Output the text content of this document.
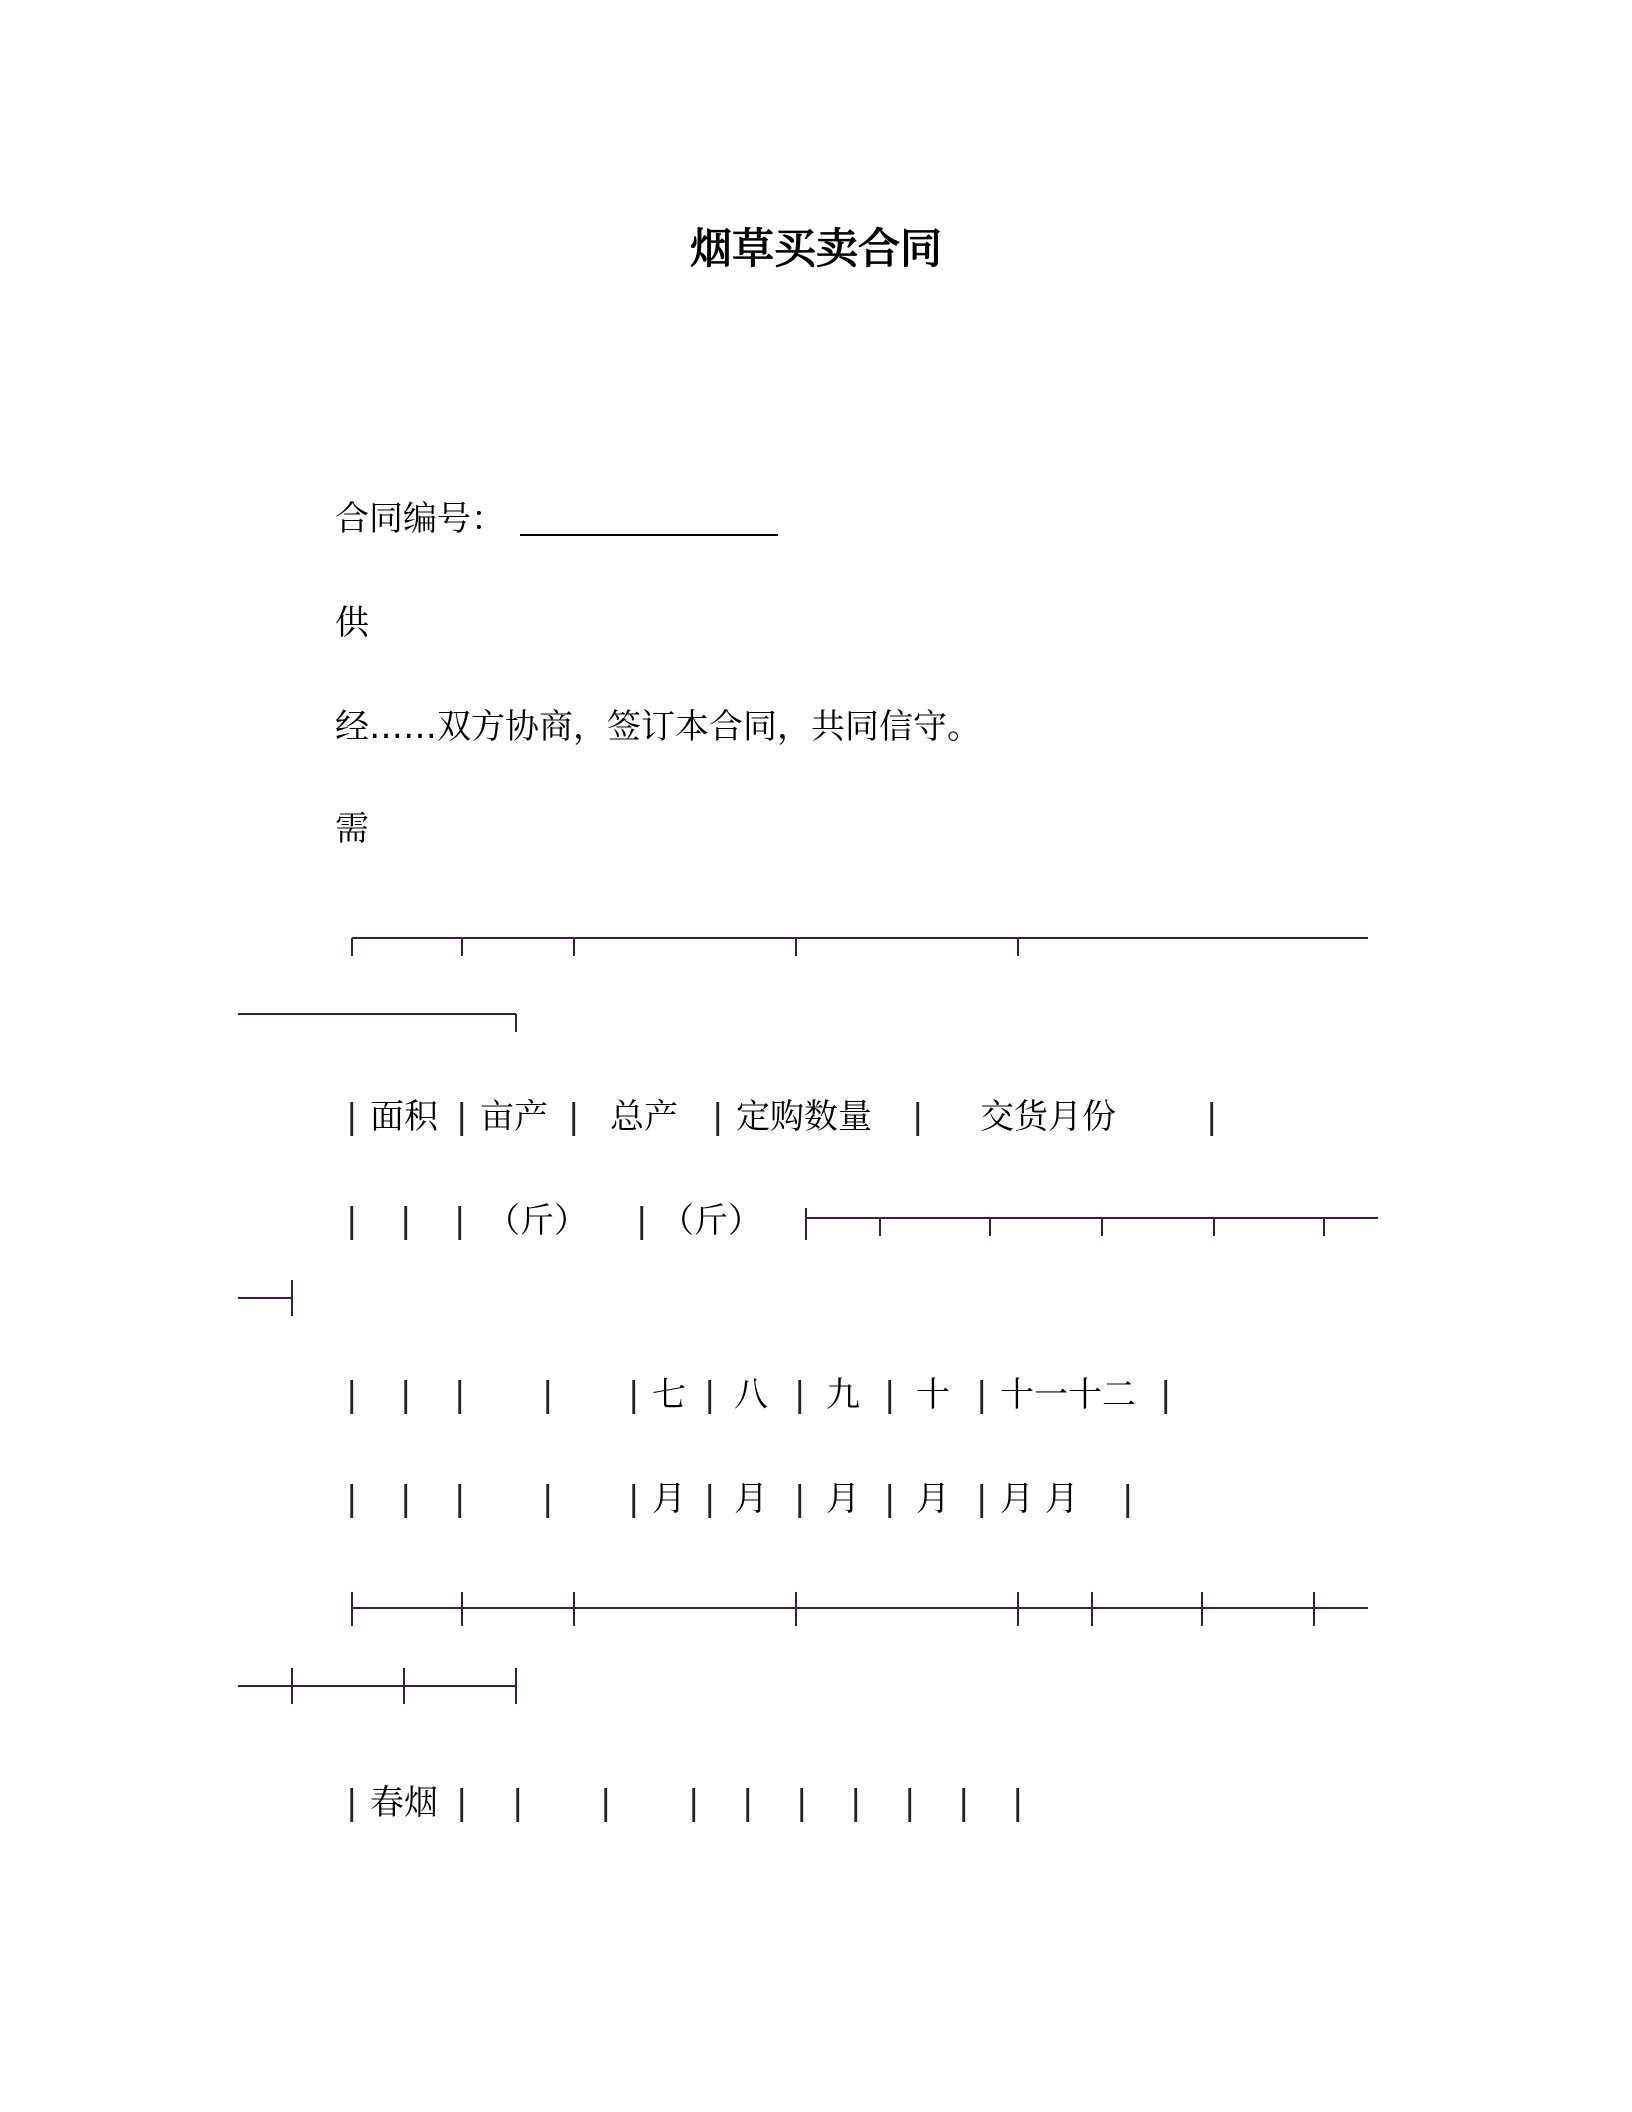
烟草买卖合同
合同编号：
供
经……双方协商，签订本合同，共同信守。
需
| 面积 | 亩产 | 总产 | 定购数量 | 交货月份	|
| | | （斤） | （斤）
| | | | | 七 | 八 | 九 | 十 | 十一十二 |
| | | | | 月 | 月 | 月 | 月 | 月 月 |
| 春烟 | | | | | | | | | |
